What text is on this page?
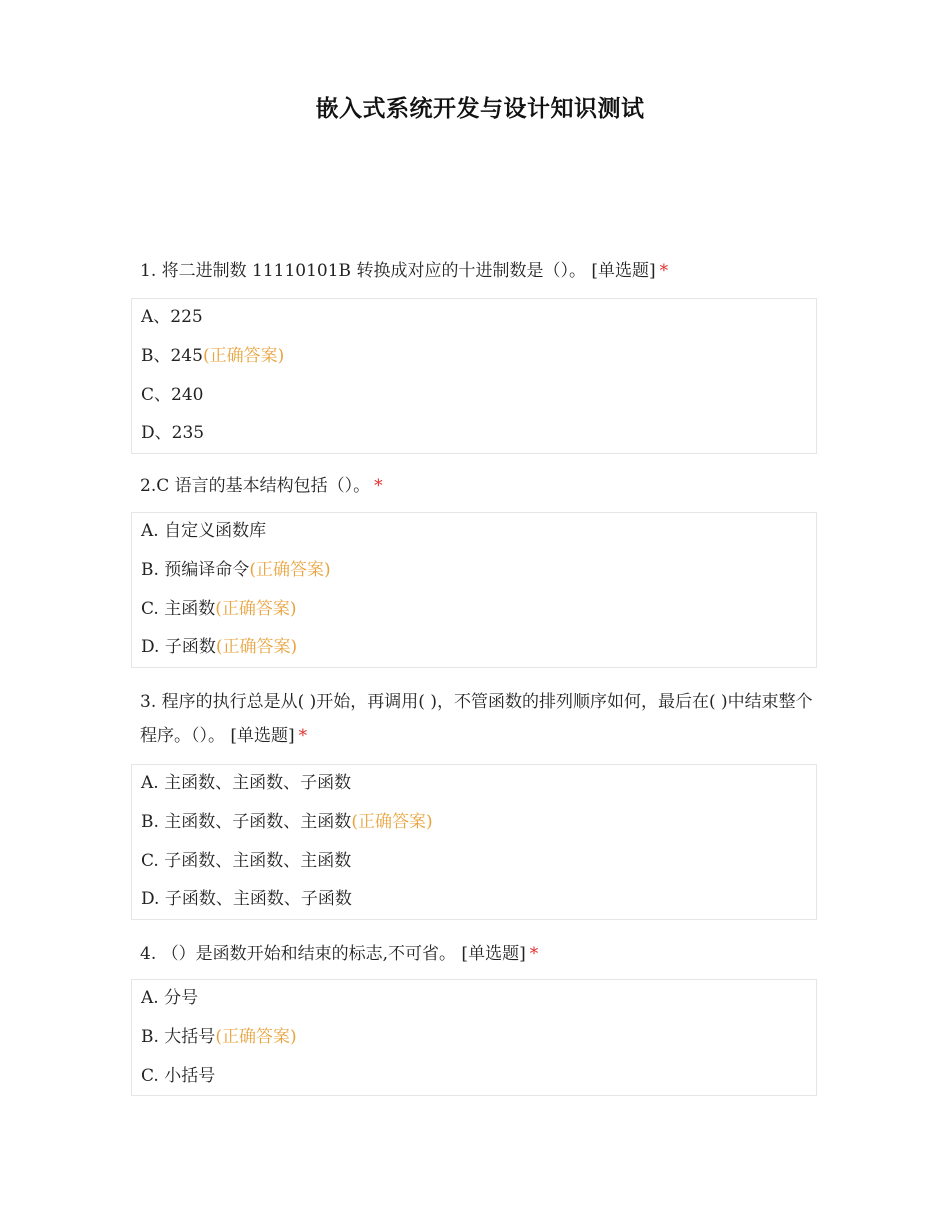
嵌入式系统开发与设计知识测试
1. 将二进制数 11110101B 转换成对应的十进制数是（）。 [单选题] *
A、225
B、245(正确答案)
C、240
D、235
2.C 语言的基本结构包括（）。 *
A. 自定义函数库
B. 预编译命令(正确答案)
C. 主函数(正确答案)
D. 子函数(正确答案)
3. 程序的执行总是从( )开始，再调用( )，不管函数的排列顺序如何，最后在( )中结束整个程序。（）。 [单选题] *
A. 主函数、主函数、子函数
B. 主函数、子函数、主函数(正确答案)
C. 子函数、主函数、主函数
D. 子函数、主函数、子函数
4. （）是函数开始和结束的标志,不可省。 [单选题] *
A. 分号
B. 大括号(正确答案)
C. 小括号
